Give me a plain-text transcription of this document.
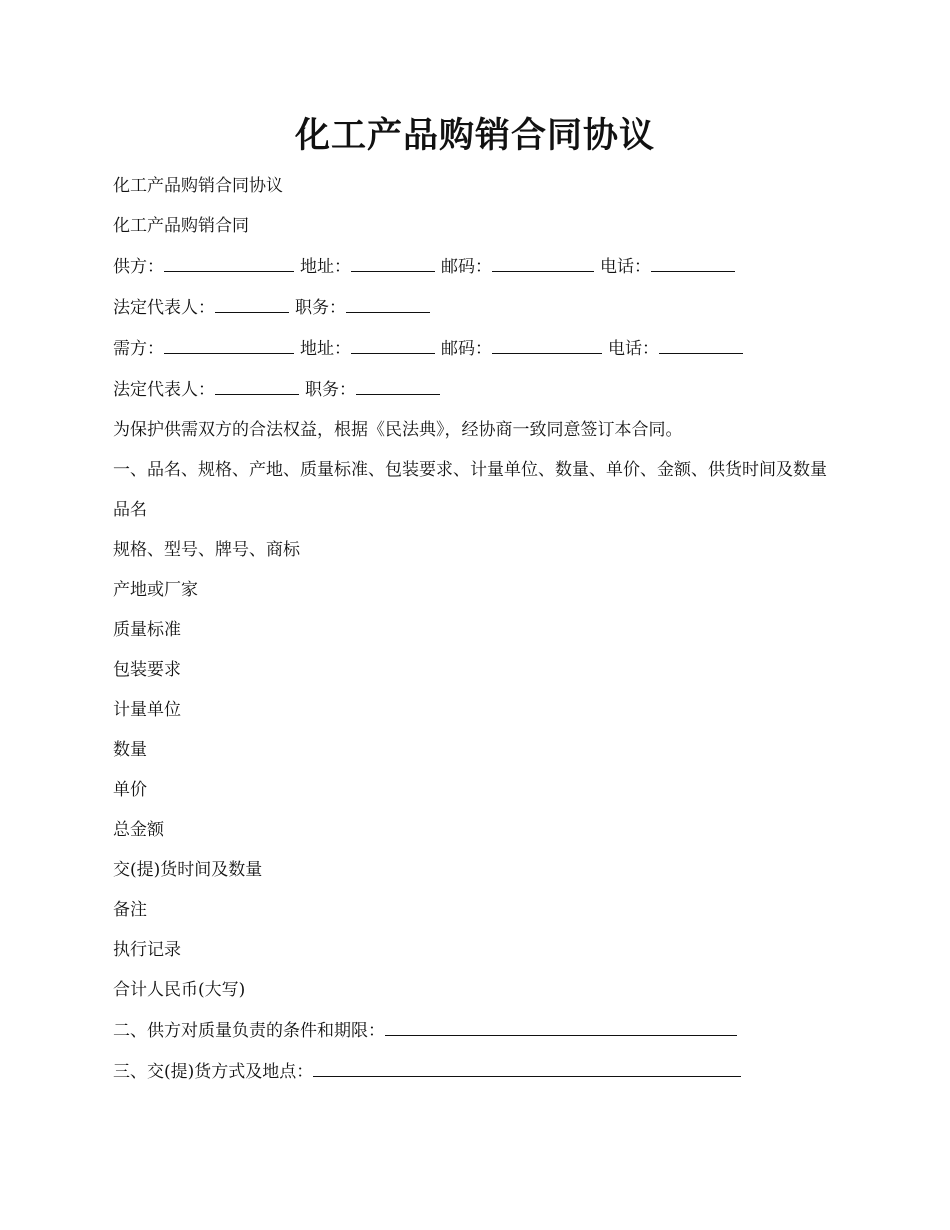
化工产品购销合同协议

化工产品购销合同协议

化工产品购销合同

供方：	地址：	邮码：	电话：

法定代表人：	职务：

需方：	地址：	邮码：	电话：

法定代表人：	职务：

为保护供需双方的合法权益，根据《民法典》，经协商一致同意签订本合同。

一、品名、规格、产地、质量标准、包装要求、计量单位、数量、单价、金额、供货时间及数量

品名

规格、型号、牌号、商标

产地或厂家

质量标准

包装要求

计量单位

数量

单价

总金额

交(提)货时间及数量

备注

执行记录

合计人民币(大写)

二、供方对质量负责的条件和期限：

三、交(提)货方式及地点：
